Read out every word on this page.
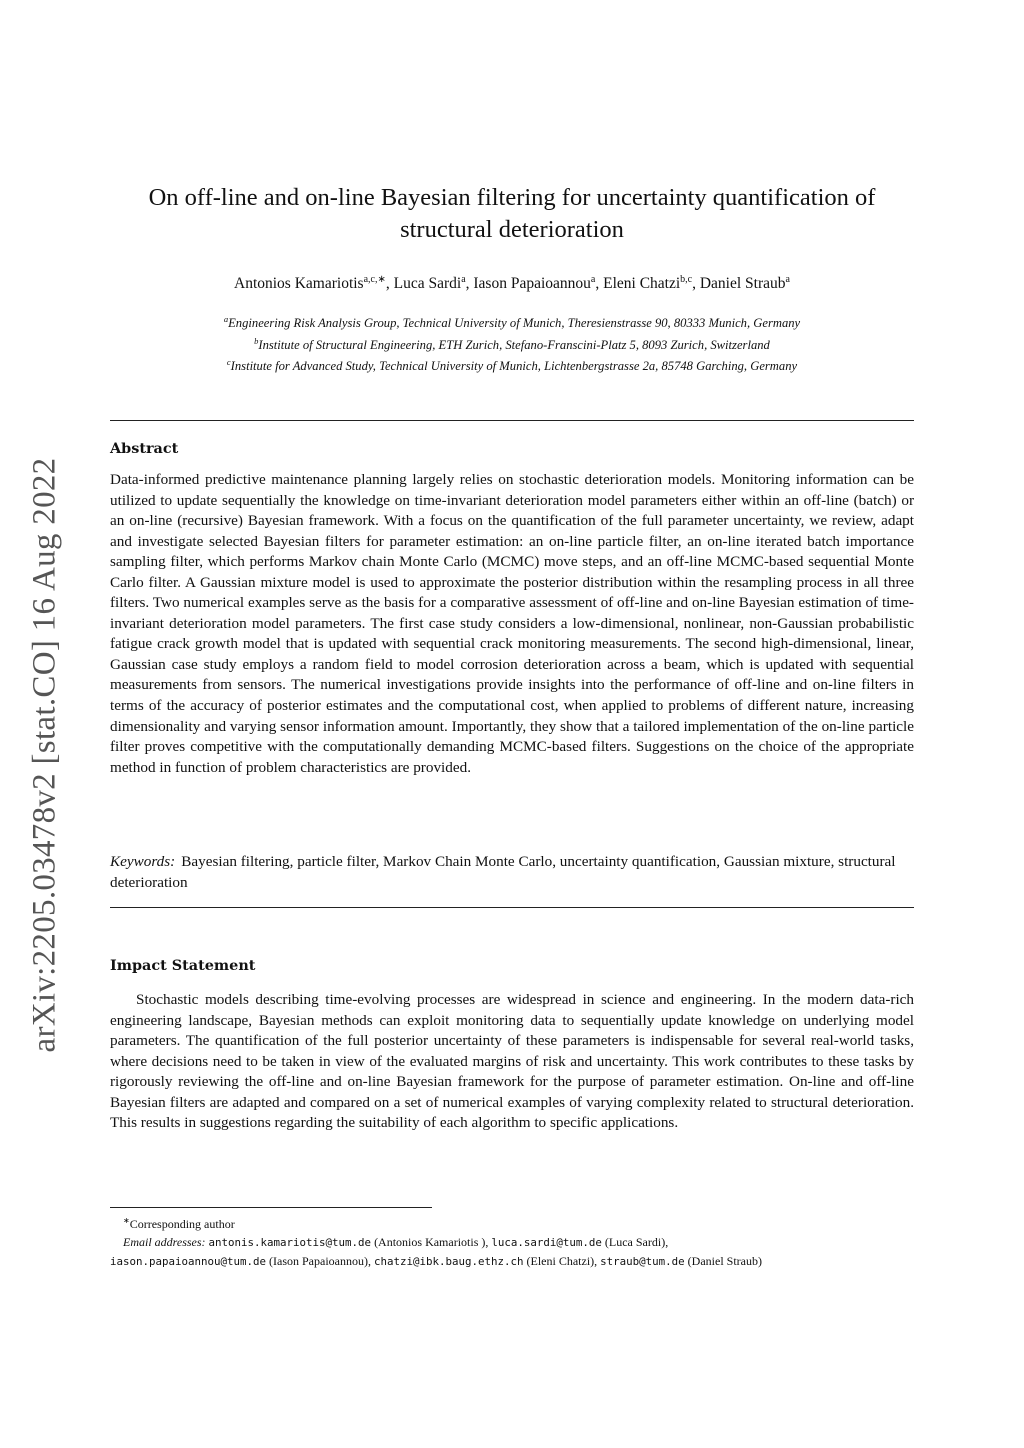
arXiv:2205.03478v2 [stat.CO] 16 Aug 2022
On off-line and on-line Bayesian filtering for uncertainty quantification of
structural deterioration
Antonios Kamariotis$^{a,c,∗}$, Luca Sardi$^a$, Iason Papaioannou$^a$, Eleni Chatzi$^{b,c}$, Daniel Straub$^a$
$^a$Engineering Risk Analysis Group, Technical University of Munich, Theresienstrasse 90, 80333 Munich, Germany
$^b$Institute of Structural Engineering, ETH Zurich, Stefano-Franscini-Platz 5, 8093 Zurich, Switzerland
$^c$Institute for Advanced Study, Technical University of Munich, Lichtenbergstrasse 2a, 85748 Garching, Germany
Abstract
Data-informed predictive maintenance planning largely relies on stochastic deterioration models. Monitoring information can be utilized to update sequentially the knowledge on time-invariant deterioration model parameters either within an off-line (batch) or an on-line (recursive) Bayesian framework. With a focus on the quantification of the full parameter uncertainty, we review, adapt and investigate selected Bayesian filters for parameter estimation: an on-line particle filter, an on-line iterated batch importance sampling filter, which performs Markov chain Monte Carlo (MCMC) move steps, and an off-line MCMC-based sequential Monte Carlo filter. A Gaussian mixture model is used to approximate the posterior distribution within the resampling process in all three filters. Two numerical examples serve as the basis for a comparative assessment of off-line and on-line Bayesian estimation of time-invariant deterioration model parameters. The first case study considers a low-dimensional, nonlinear, non-Gaussian probabilistic fatigue crack growth model that is updated with sequential crack monitoring measurements. The second high-dimensional, linear, Gaussian case study employs a random field to model corrosion deterioration across a beam, which is updated with sequential measurements from sensors. The numerical investigations provide insights into the performance of off-line and on-line filters in terms of the accuracy of posterior estimates and the computational cost, when applied to problems of different nature, increasing dimensionality and varying sensor information amount. Importantly, they show that a tailored implementation of the on-line particle filter proves competitive with the computationally demanding MCMC-based filters. Suggestions on the choice of the appropriate method in function of problem characteristics are provided.
Keywords: Bayesian filtering, particle filter, Markov Chain Monte Carlo, uncertainty quantification, Gaussian mixture, structural deterioration
Impact Statement
Stochastic models describing time-evolving processes are widespread in science and engineering. In the modern data-rich engineering landscape, Bayesian methods can exploit monitoring data to sequentially update knowledge on underlying model parameters. The quantification of the full posterior uncertainty of these parameters is indispensable for several real-world tasks, where decisions need to be taken in view of the evaluated margins of risk and uncertainty. This work contributes to these tasks by rigorously reviewing the off-line and on-line Bayesian framework for the purpose of parameter estimation. On-line and off-line Bayesian filters are adapted and compared on a set of numerical examples of varying complexity related to structural deterioration. This results in suggestions regarding the suitability of each algorithm to specific applications.
∗Corresponding author
Email addresses: antonis.kamariotis@tum.de (Antonios Kamariotis ), luca.sardi@tum.de (Luca Sardi),
iason.papaioannou@tum.de (Iason Papaioannou), chatzi@ibk.baug.ethz.ch (Eleni Chatzi), straub@tum.de (Daniel Straub)
